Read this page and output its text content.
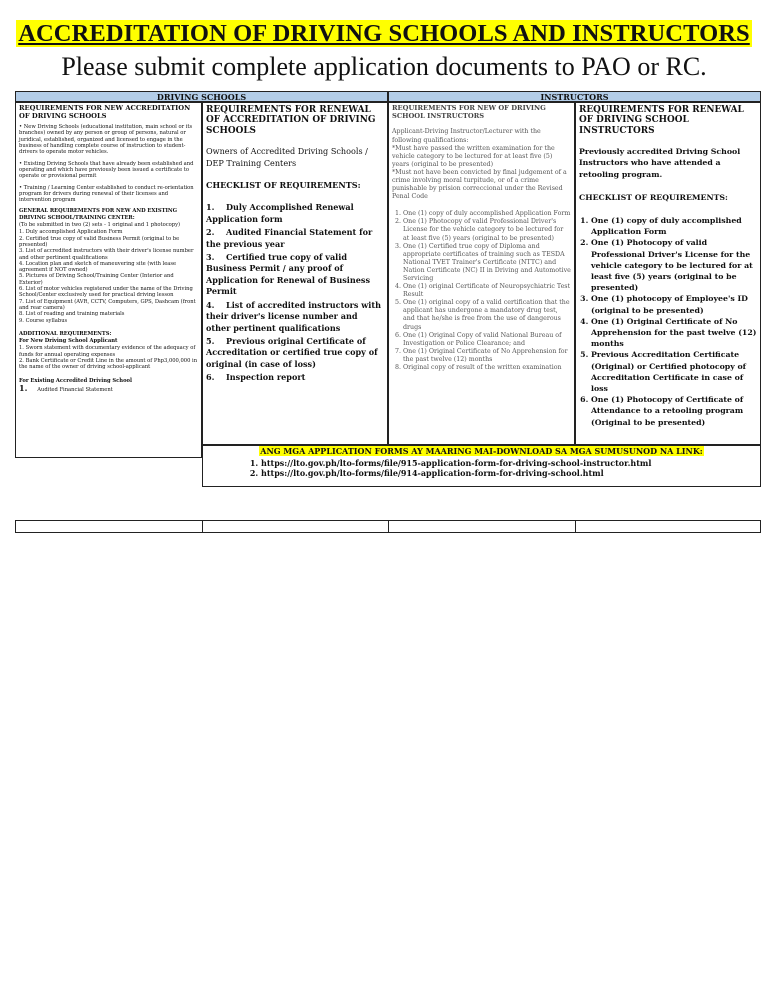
ACCREDITATION OF DRIVING SCHOOLS AND INSTRUCTORS
Please submit complete application documents to PAO or RC.
DRIVING SCHOOLS	INSTRUCTORS
REQUIREMENTS FOR NEW ACCREDITATION OF DRIVING SCHOOLS

• New Driving Schools (educational institution, main school or its branches) owned by any person or group of persons, natural or juridical, established, organized and licensed to engage in the business of handling complete course of instruction to student-drivers to operate motor vehicles.

• Existing Driving Schools that have already been established and operating and which have previously been issued a certificate to operate or provisional permit

• Training / Learning Center established to conduct re-orientation program for drivers during renewal of their licenses and intervention program

GENERAL REQUIREMENTS FOR NEW AND EXISTING DRIVING SCHOOL/TRAINING CENTER:

(To be submitted in two (2) sets - 1 original and 1 photocopy)

1. Duly accomplished Application Form
2. Certified true copy of valid Business Permit (original to be presented)
3. List of accredited instructors with their driver's license number and other pertinent qualifications
4. Location plan and sketch of maneuvering site (with lease agreement if NOT owned)
5. Pictures of Driving School/Training Center (Interior and Exterior)
6. List of motor vehicles registered under the name of the Driving School/Center exclusively used for practical driving lesson
7. List of Equipment (AVR, CCTV, Computers, GPS, Dashcam (front and rear camera)
8. List of reading and training materials
9. Course syllabus

ADDITIONAL REQUIREMENTS:

For New Driving School Applicant

1. Sworn statement with documentary evidence of the adequacy of funds for annual operating expenses
2. Bank Certificate or Credit Line in the amount of Php3,000,000 in the name of the owner of driving school-applicant

For Existing Accredited Driving School

1. Audited Financial Statement
REQUIREMENTS FOR RENEWAL OF ACCREDITATION OF DRIVING SCHOOLS

Owners of Accredited Driving Schools / DEP Training Centers

CHECKLIST OF REQUIREMENTS:

1. Duly Accomplished Renewal Application form
2. Audited Financial Statement for the previous year
3. Certified true copy of valid Business Permit / any proof of Application for Renewal of Business Permit
4. List of accredited instructors with their driver's license number and other pertinent qualifications
5. Previous original Certificate of Accreditation or certified true copy of original (in case of loss)
6. Inspection report
REQUIREMENTS FOR NEW OF DRIVING SCHOOL INSTRUCTORS
Applicant-Driving Instructor/Lecturer with the following qualifications:
*Must have passed the written examination for the vehicle category to be lectured for at least five (5) years (original to be presented)
*Must not have been convicted by final judgement of a crime involving moral turpitude, or of a crime punishable by prision correccional under the Revised Penal Code
1. One (1) copy of duly accomplished Application Form
2. One (1) Photocopy of valid Professional Driver's License for the vehicle category to be lectured for at least five (5) years (original to be presented)
3. One (1) Certified true copy of Diploma and appropriate certificates of training such as TESDA National TVET Trainer's Certificate (NTTC) and Nation Certificate (NC) II in Driving and Automotive Servicing
4. One (1) original Certificate of Neuropsychiatric Test Result
5. One (1) original copy of a valid certification that the applicant has undergone a mandatory drug test, and that he/she is free from the use of dangerous drugs
6. One (1) Original Copy of valid National Bureau of Investigation or Police Clearance; and
7. One (1) Original Certificate of No Apprehension for the past twelve (12) months
8. Original copy of result of the written examination
REQUIREMENTS FOR RENEWAL OF DRIVING SCHOOL INSTRUCTORS

Previously accredited Driving School Instructors who have attended a retooling program.

CHECKLIST OF REQUIREMENTS:

1. One (1) copy of duly accomplished Application Form
2. One (1) Photocopy of valid Professional Driver's License for the vehicle category to be lectured for at least five (5) years (original to be presented)
3. One (1) photocopy of Employee's ID (original to be presented)
4. One (1) Original Certificate of No Apprehension for the past twelve (12) months
5. Previous Accreditation Certificate (Original) or Certified photocopy of Accreditation Certificate in case of loss
6. One (1) Photocopy of Certificate of Attendance to a retooling program (Original to be presented)
ANG MGA APPLICATION FORMS AY MAARING MAI-DOWNLOAD SA MGA SUMUSUNOD NA LINK:
1. https://lto.gov.ph/lto-forms/file/915-application-form-for-driving-school-instructor.html
2. https://lto.gov.ph/lto-forms/file/914-application-form-for-driving-school.html
